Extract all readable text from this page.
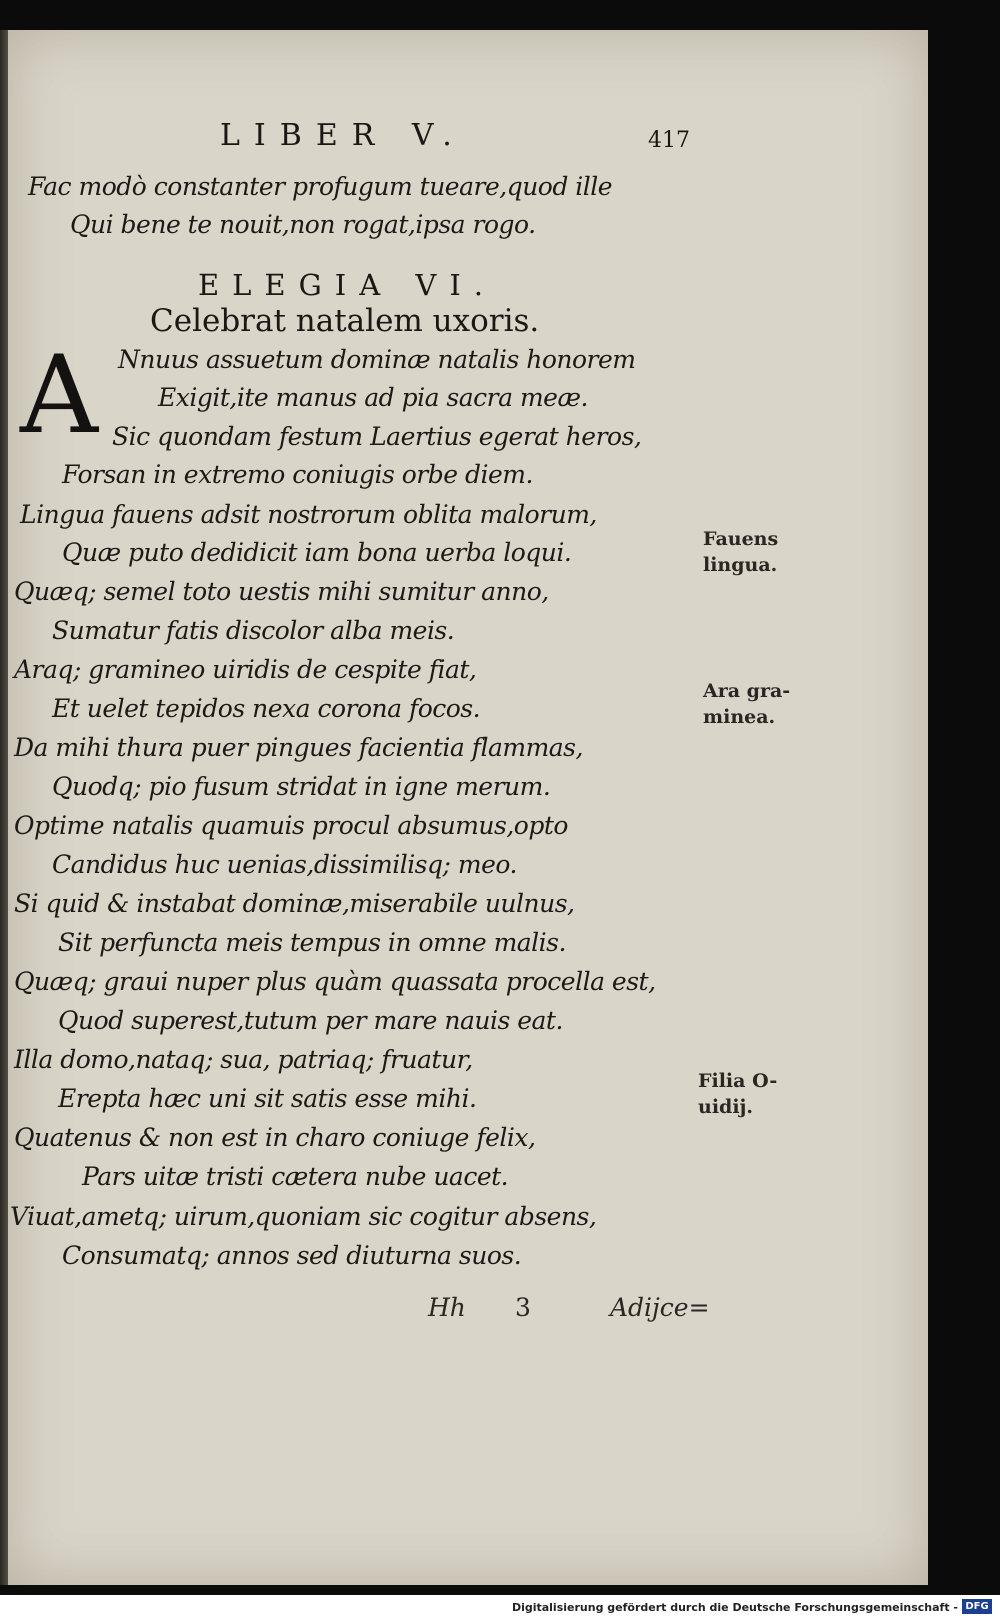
LIBER V.	417
Fac modò constanter profugum tueare,quod ille
Qui bene te nouit,non rogat,ipsa rogo.
ELEGIA VI.
Celebrat natalem uxoris.
A Nnuus assuetum dominæ natalis honorem
Exigit,ite manus ad pia sacra meæ.
Sic quondam festum Laertius egerat heros,
Forsan in extremo coniugis orbe diem.
Lingua fauens adsit nostrorum oblita malorum,
Quæ puto dedidicit iam bona uerba loqui.
Quæq; semel toto uestis mihi sumitur anno,
Sumatur fatis discolor alba meis.
Araq; gramineo uiridis de cespite fiat,
Et uelet tepidos nexa corona focos.
Da mihi thura puer pingues facientia flammas,
Quodq; pio fusum stridat in igne merum.
Optime natalis quamuis procul absumus,opto
Candidus huc uenias,dissimilisq; meo.
Si quid & instabat dominæ,miserabile uulnus,
Sit perfuncta meis tempus in omne malis.
Quæq; graui nuper plus quàm quassata procella est,
Quod superest,tutum per mare nauis eat.
Illa domo,nataq; sua, patriaq; fruatur,
Erepta hæc uni sit satis esse mihi.
Quatenus & non est in charo coniuge felix,
Pars uitæ tristi cætera nube uacet.
Viuat,ametq; uirum,quoniam sic cogitur absens,
Consumatq; annos sed diuturna suos.
Fauens
lingua.
Ara gra-
minea.
Filia O-
uidij.
Hh 3	Adijce=
Digitalisierung gefördert durch die Deutsche Forschungsgemeinschaft - DFG
